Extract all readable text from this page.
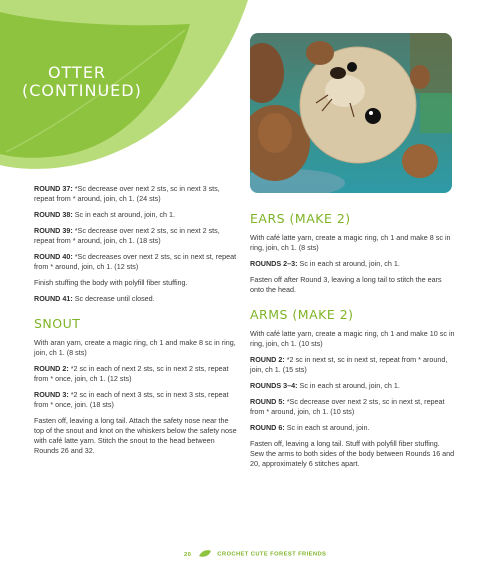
OTTER
(CONTINUED)

ROUND 37: *Sc decrease over next 2 sts, sc in next 3 sts, repeat from * around, join, ch 1. (24 sts)

ROUND 38: Sc in each st around, join, ch 1.

ROUND 39: *Sc decrease over next 2 sts, sc in next 2 sts, repeat from * around, join, ch 1. (18 sts)

ROUND 40: *Sc decreases over next 2 sts, sc in next st, repeat from * around, join, ch 1. (12 sts)

Finish stuffing the body with polyfill fiber stuffing.

ROUND 41: Sc decrease until closed.

SNOUT

With aran yarn, create a magic ring, ch 1 and make 8 sc in ring, join, ch 1. (8 sts)

ROUND 2: *2 sc in each of next 2 sts, sc in next 2 sts, repeat from * once, join, ch 1. (12 sts)

ROUND 3: *2 sc in each of next 3 sts, sc in next 3 sts, repeat from * once, join. (18 sts)

Fasten off, leaving a long tail. Attach the safety nose near the top of the snout and knot on the whiskers below the safety nose with café latte yarn. Stitch the snout to the head between Rounds 26 and 32.

EARS (MAKE 2)

With café latte yarn, create a magic ring, ch 1 and make 8 sc in ring, join, ch 1. (8 sts)

ROUNDS 2–3: Sc in each st around, join, ch 1.

Fasten off after Round 3, leaving a long tail to stitch the ears onto the head.

ARMS (MAKE 2)

With café latte yarn, create a magic ring, ch 1 and make 10 sc in ring, join, ch 1. (10 sts)

ROUND 2: *2 sc in next st, sc in next st, repeat from * around, join, ch 1. (15 sts)

ROUNDS 3–4: Sc in each st around, join, ch 1.

ROUND 5: *Sc decrease over next 2 sts, sc in next st, repeat from * around, join, ch 1. (10 sts)

ROUND 6: Sc in each st around, join.

Fasten off, leaving a long tail. Stuff with polyfill fiber stuffing. Sew the arms to both sides of the body between Rounds 16 and 20, approximately 6 stitches apart.

20	CROCHET CUTE FOREST FRIENDS
